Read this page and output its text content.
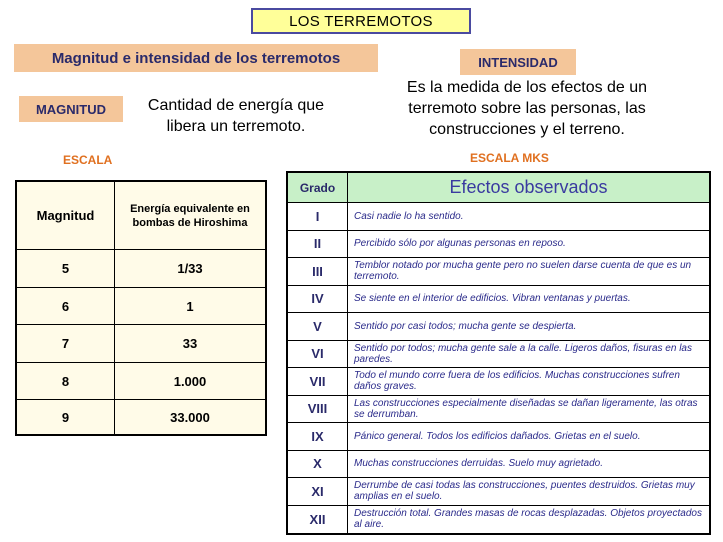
LOS TERREMOTOS
Magnitud e intensidad de los terremotos
MAGNITUD	Cantidad de energía que libera un terremoto.
INTENSIDAD
Es la medida de los efectos de un terremoto sobre las personas, las construcciones y el terreno.
ESCALA	ESCALA MKS
Magnitud	Energía equivalente en bombas de Hiroshima
5	1/33
6	1
7	33
8	1.000
9	33.000
Grado	Efectos observados
I	Casi nadie lo ha sentido.
II	Percibido sólo por algunas personas en reposo.
III	Temblor notado por mucha gente pero no suelen darse cuenta de que es un terremoto.
IV	Se siente en el interior de edificios. Vibran ventanas y puertas.
V	Sentido por casi todos; mucha gente se despierta.
VI	Sentido por todos; mucha gente sale a la calle. Ligeros daños, fisuras en las paredes.
VII	Todo el mundo corre fuera de los edificios. Muchas construcciones sufren daños graves.
VIII	Las construcciones especialmente diseñadas se dañan ligeramente, las otras se derrumban.
IX	Pánico general. Todos los edificios dañados. Grietas en el suelo.
X	Muchas construcciones derruidas. Suelo muy agrietado.
XI	Derrumbe de casi todas las construcciones, puentes destruidos. Grietas muy amplias en el suelo.
XII	Destrucción total. Grandes masas de rocas desplazadas. Objetos proyectados al aire.
